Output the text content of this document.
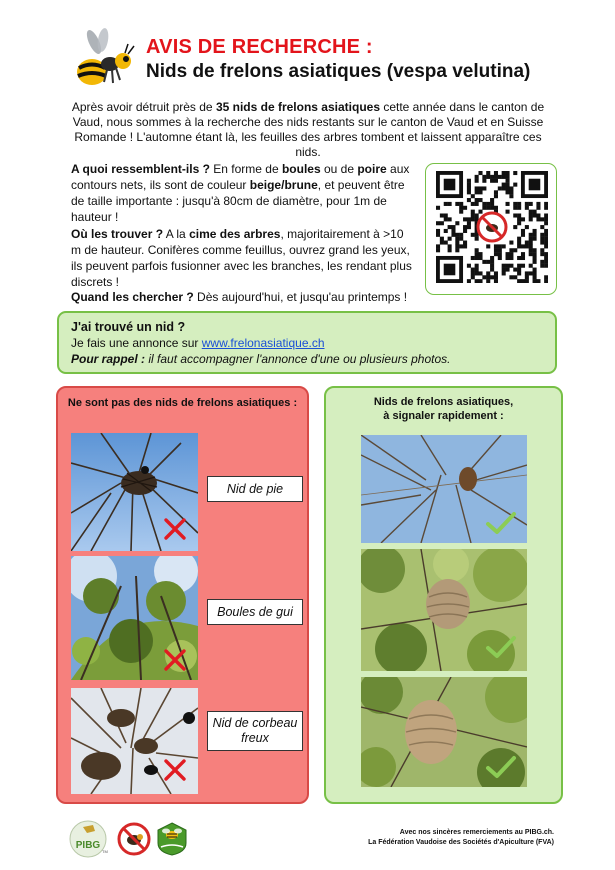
AVIS DE RECHERCHE :
Nids de frelons asiatiques (vespa velutina)
Après avoir détruit près de 35 nids de frelons asiatiques cette année dans le canton de Vaud, nous sommes à la recherche des nids restants sur le canton de Vaud et en Suisse Romande ! L'automne étant là, les feuilles des arbres tombent et laissent apparaître ces nids.
A quoi ressemblent-ils ? En forme de boules ou de poire aux contours nets, ils sont de couleur beige/brune, et peuvent être de taille importante : jusqu'à 80cm de diamètre, pour 1m de hauteur !
Où les trouver ? A la cime des arbres, majoritairement à >10 m de hauteur. Conifères comme feuillus, ouvrez grand les yeux, ils peuvent parfois fusionner avec les branches, les rendant plus discrets !
Quand les chercher ? Dès aujourd'hui, et jusqu'au printemps !
J'ai trouvé un nid ?
Je fais une annonce sur www.frelonasiatique.ch
Pour rappel : il faut accompagner l'annonce d'une ou plusieurs photos.
Ne sont pas des nids de frelons asiatiques :
Nid de pie
Boules de gui
Nid de corbeau freux
Nids de frelons asiatiques,
à signaler rapidement :
PIBG
TM
Avec nos sincères remerciements au PIBG.ch.
La Fédération Vaudoise des Sociétés d'Apiculture (FVA)
